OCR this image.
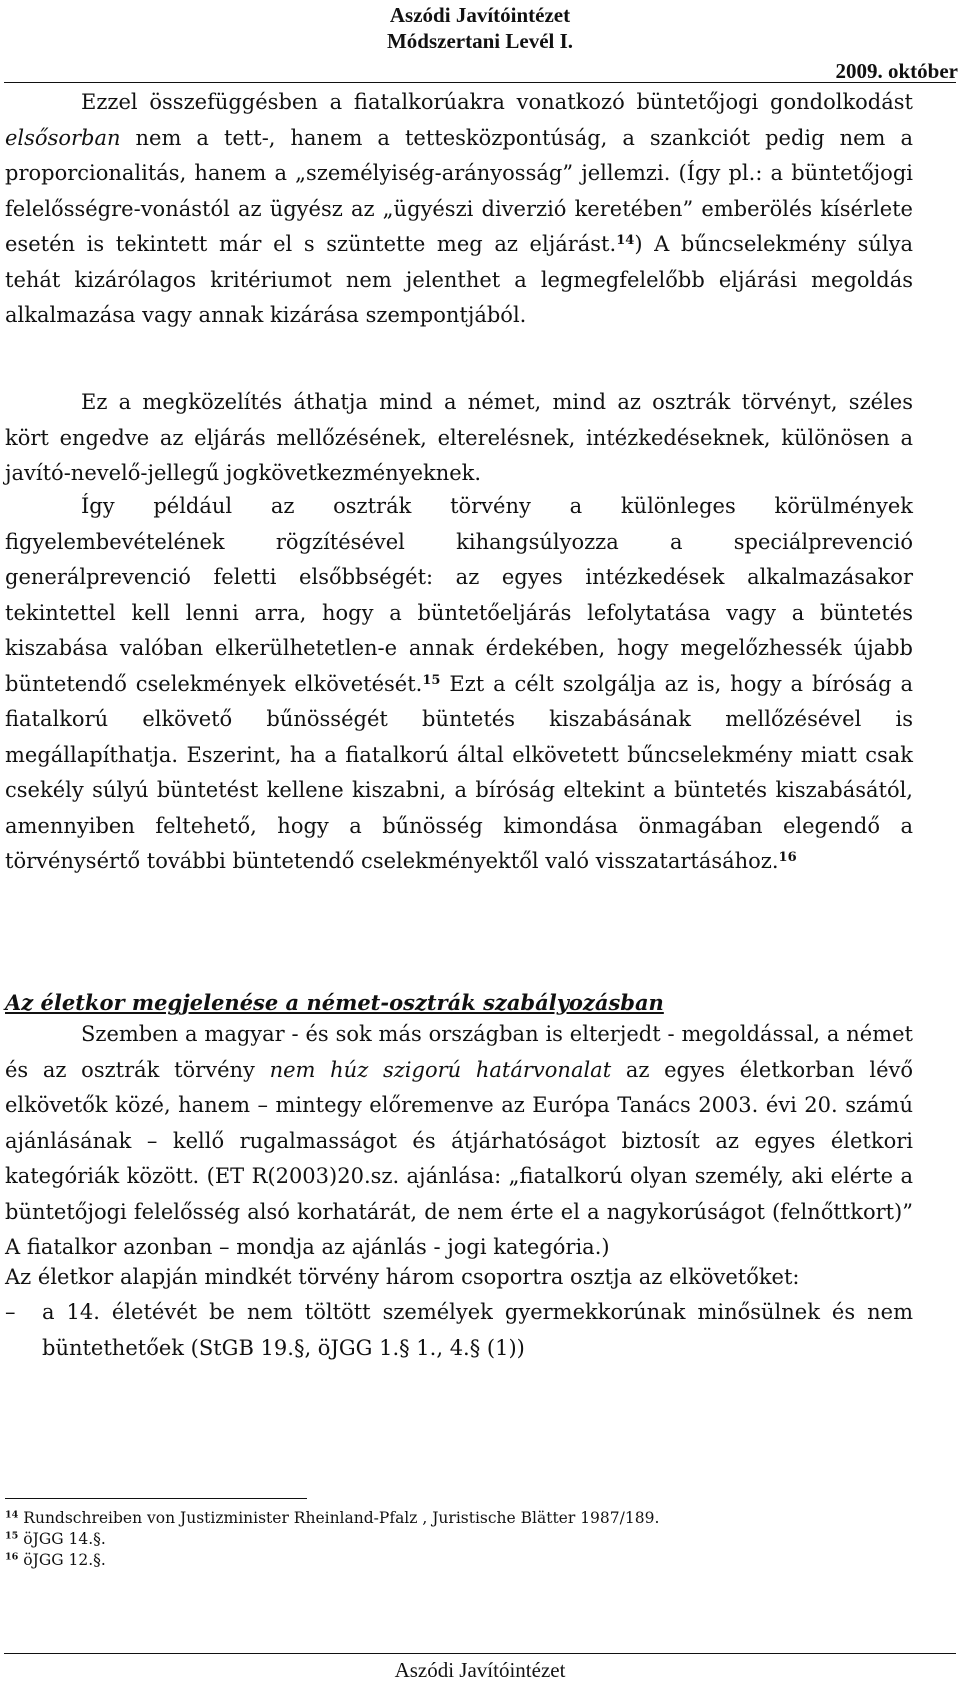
Aszódi Javítóintézet
Módszertani Levél I.
2009. október

Ezzel összefüggésben a fiatalkorúakra vonatkozó büntetőjogi gondolkodást elsősorban nem a tett-, hanem a tettesközpontúság, a szankciót pedig nem a proporcionalitás, hanem a „személyiség-arányosság” jellemzi. (Így pl.: a büntetőjogi felelősségre-vonástól az ügyész az „ügyészi diverzió keretében” emberölés kísérlete esetén is tekintett már el s szüntette meg az eljárást.$^{14}$) A bűncselekmény súlya tehát kizárólagos kritériumot nem jelenthet a legmegfelelőbb eljárási megoldás alkalmazása vagy annak kizárása szempontjából.

Ez a megközelítés áthatja mind a német, mind az osztrák törvényt, széles kört engedve az eljárás mellőzésének, elterelésnek, intézkedéseknek, különösen a javító-nevelő-jellegű jogkövetkezményeknek.

Így például az osztrák törvény a különleges körülmények figyelembevételének rögzítésével kihangsúlyozza a speciálprevenció generálprevenció feletti elsőbbségét: az egyes intézkedések alkalmazásakor tekintettel kell lenni arra, hogy a büntetőeljárás lefolytatása vagy a büntetés kiszabása valóban elkerülhetetlen-e annak érdekében, hogy megelőzhessék újabb büntetendő cselekmények elkövetését.$^{15}$ Ezt a célt szolgálja az is, hogy a bíróság a fiatalkorú elkövető bűnösségét büntetés kiszabásának mellőzésével is megállapíthatja. Eszerint, ha a fiatalkorú által elkövetett bűncselekmény miatt csak csekély súlyú büntetést kellene kiszabni, a bíróság eltekint a büntetés kiszabásától, amennyiben feltehető, hogy a bűnösség kimondása önmagában elegendő a törvénysértő további büntetendő cselekményektől való visszatartásához.$^{16}$

Az életkor megjelenése a német-osztrák szabályozásban

Szemben a magyar - és sok más országban is elterjedt - megoldással, a német és az osztrák törvény nem húz szigorú határvonalat az egyes életkorban lévő elkövetők közé, hanem – mintegy előremenve az Európa Tanács 2003. évi 20. számú ajánlásának – kellő rugalmasságot és átjárhatóságot biztosít az egyes életkori kategóriák között. (ET R(2003)20.sz. ajánlása: „fiatalkorú olyan személy, aki elérte a büntetőjogi felelősség alsó korhatárát, de nem érte el a nagykorúságot (felnőttkort)” A fiatalkor azonban – mondja az ajánlás - jogi kategória.)

Az életkor alapján mindkét törvény három csoportra osztja az elkövetőket:

– a 14. életévét be nem töltött személyek gyermekkorúnak minősülnek és nem büntethetőek (StGB 19.§, öJGG 1.§ 1., 4.§ (1))
$^{14}$ Rundschreiben von Justizminister Rheinland-Pfalz , Juristische Blätter 1987/189.
$^{15}$ öJGG 14.§.
$^{16}$ öJGG 12.§.
Aszódi Javítóintézet
